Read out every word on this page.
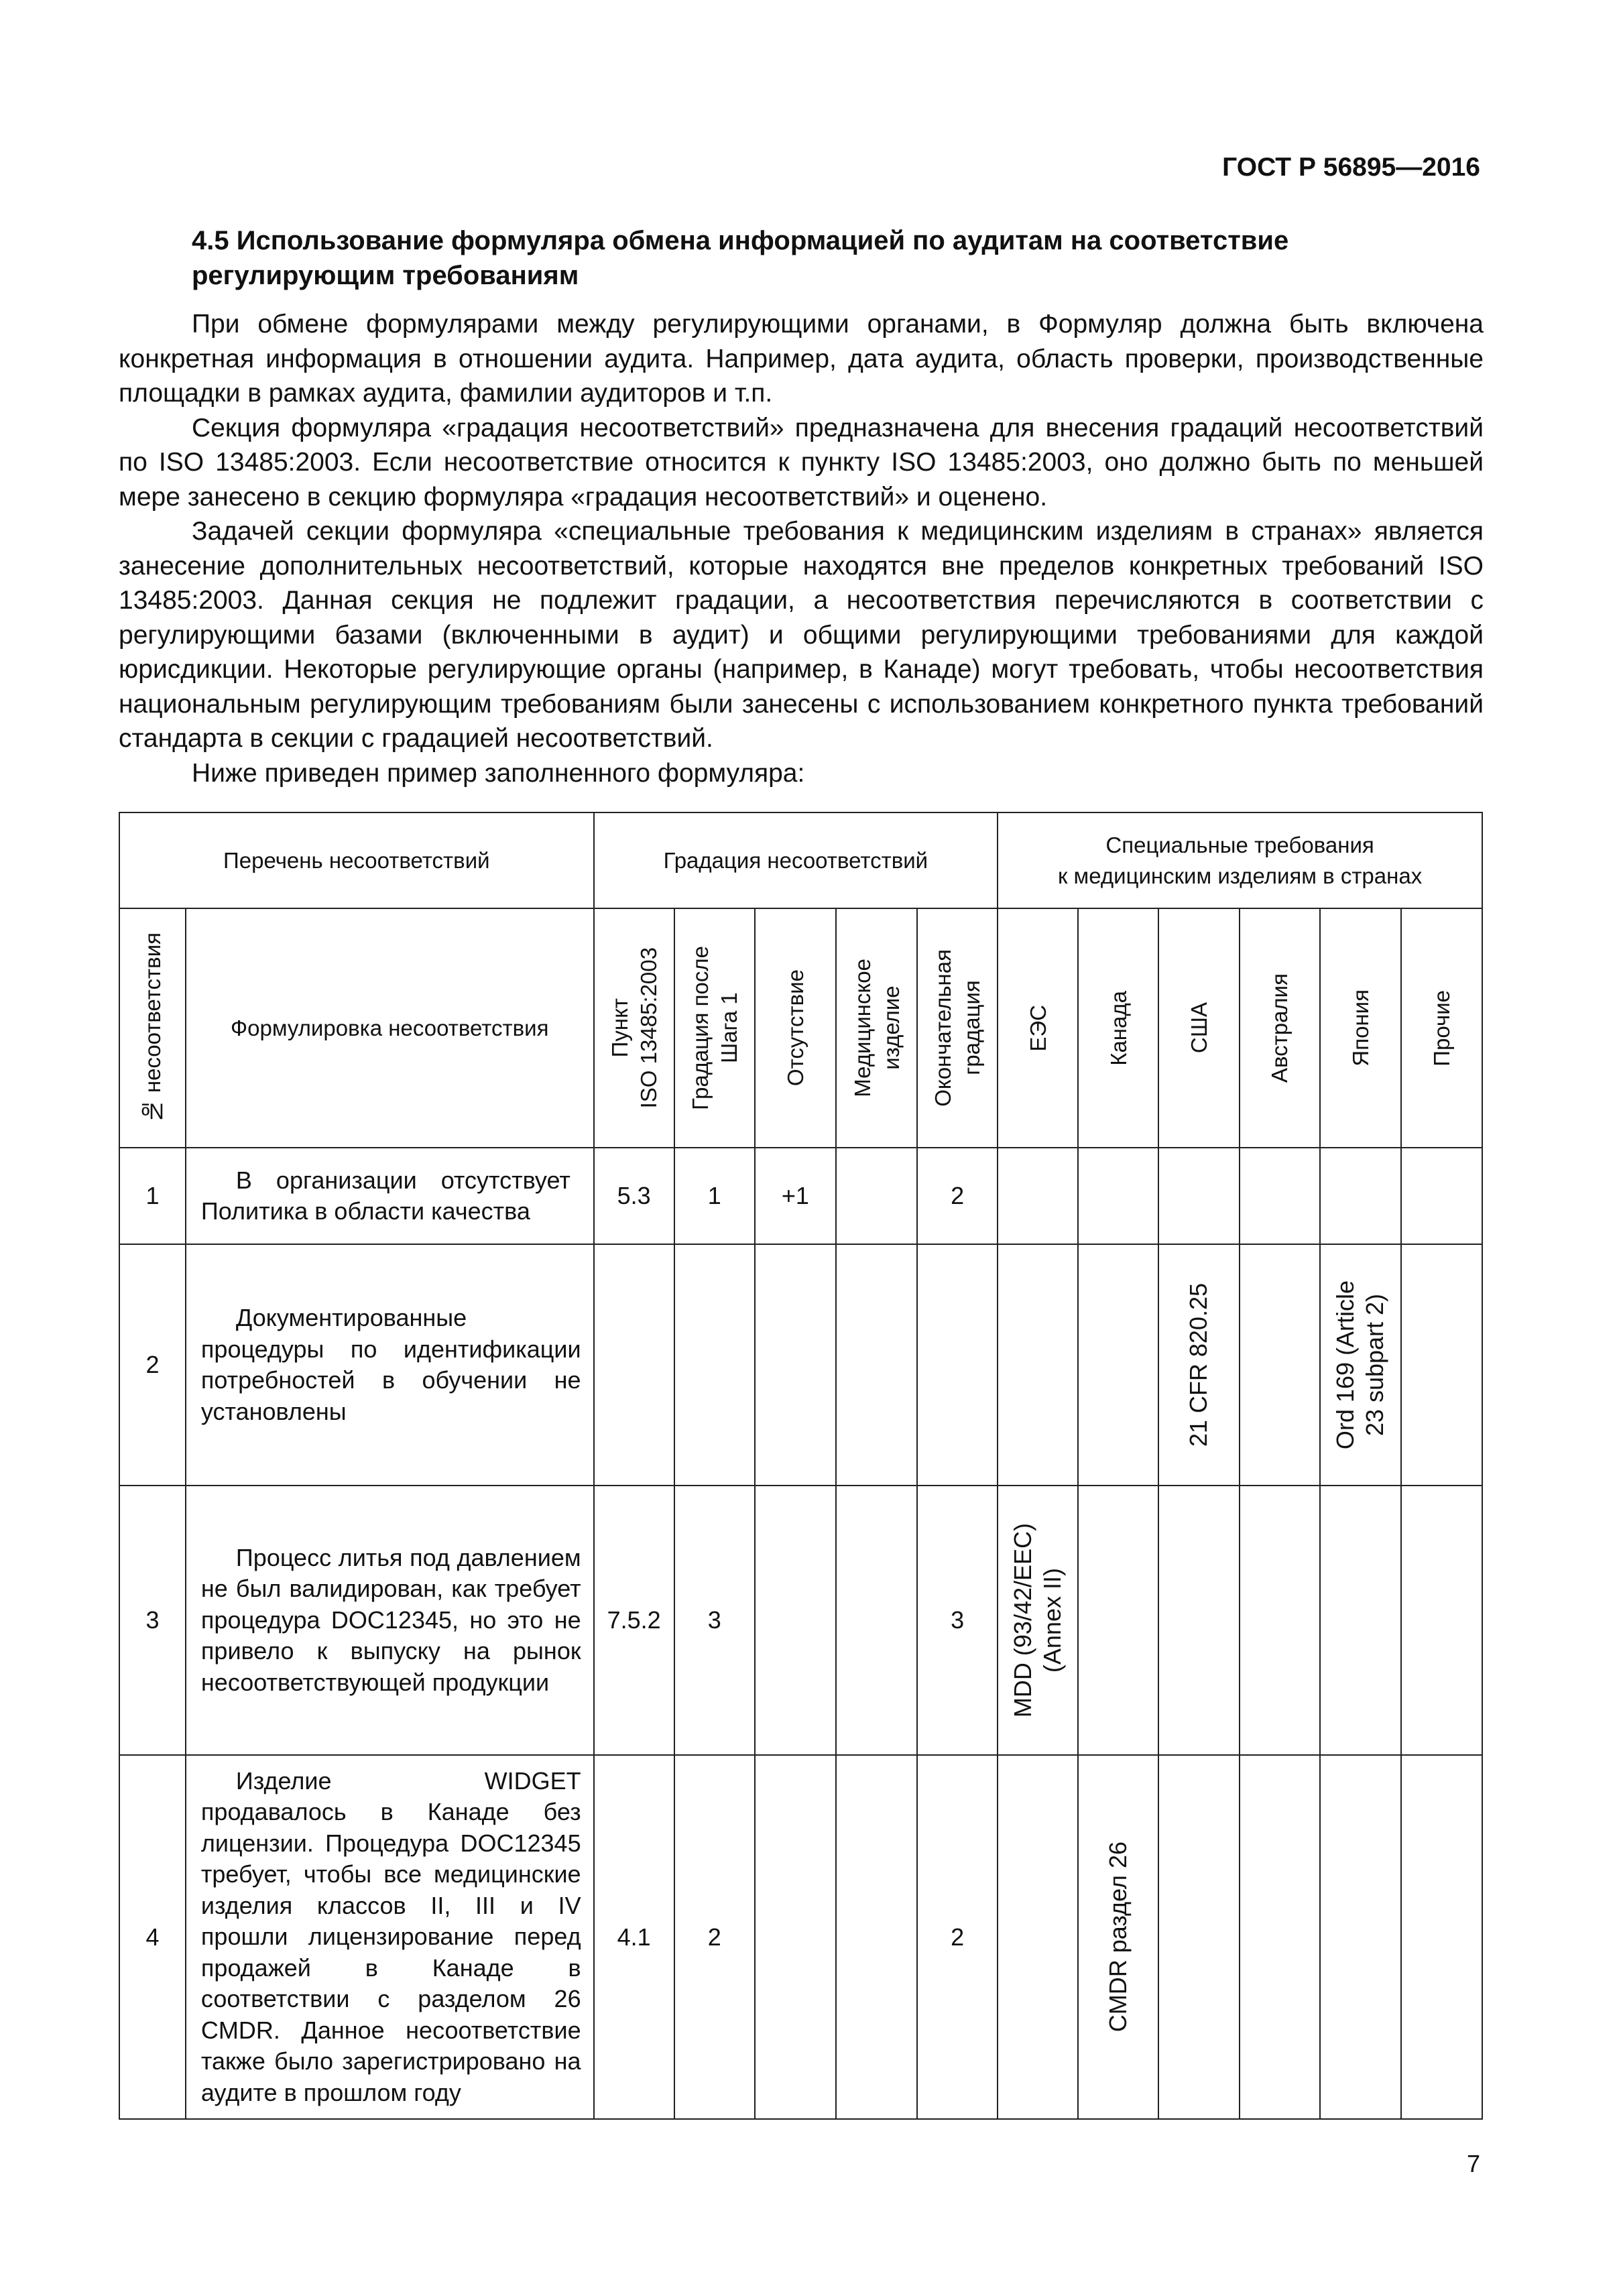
ГОСТ Р 56895—2016
4.5 Использование формуляра обмена информацией по аудитам на соответствие
регулирующим требованиям

При обмене формулярами между регулирующими органами, в Формуляр должна быть включена конкретная информация в отношении аудита. Например, дата аудита, область проверки, производственные площадки в рамках аудита, фамилии аудиторов и т.п.

Секция формуляра «градация несоответствий» предназначена для внесения градаций несоответствий по ISO 13485:2003. Если несоответствие относится к пункту ISO 13485:2003, оно должно быть по меньшей мере занесено в секцию формуляра «градация несоответствий» и оценено.

Задачей секции формуляра «специальные требования к медицинским изделиям в странах» является занесение дополнительных несоответствий, которые находятся вне пределов конкретных требований ISO 13485:2003. Данная секция не подлежит градации, а несоответствия перечисляются в соответствии с регулирующими базами (включенными в аудит) и общими регулирующими требованиями для каждой юрисдикции. Некоторые регулирующие органы (например, в Канаде) могут требовать, чтобы несоответствия национальным регулирующим требованиям были занесены с использованием конкретного пункта требований стандарта в секции с градацией несоответствий.

Ниже приведен пример заполненного формуляра:

Перечень несоответствий		Градация несоответствий					Специальные требования
к медицинским изделиям в странах					

№ несоответствия	Формулировка несоответствия	Пункт ISO 13485:2003	Градация после Шага 1	Отсутствие	Медицинское изделие	Окончательная градация	ЕЭС	Канада	США	Австралия	Япония	Прочие

1	В организации отсутствует
Политика в области качества	5.3	1	+1		2						
2	Документированные процедуры по идентификации потребностей в обучении не установлены								21 CFR 820.25		Ord 169 (Article
23 subpart 2)	

3	Процесс литья под давлением не был валидирован, как требует процедура DOC12345, но это не привело к выпуску на рынок несоответствующей продукции	7.5.2	3			3	MDD (93/42/EEC)
(Annex II)					

4	Изделие WIDGET продавалось в Канаде без лицензии. Процедура DOC12345 требует, чтобы все медицинские изделия классов II, III и IV прошли лицензирование перед продажей в Канаде в соответствии с разделом 26 CMDR. Данное несоответствие также было зарегистрировано на аудите в прошлом году	4.1	2			2		CMDR раздел 26				

7
